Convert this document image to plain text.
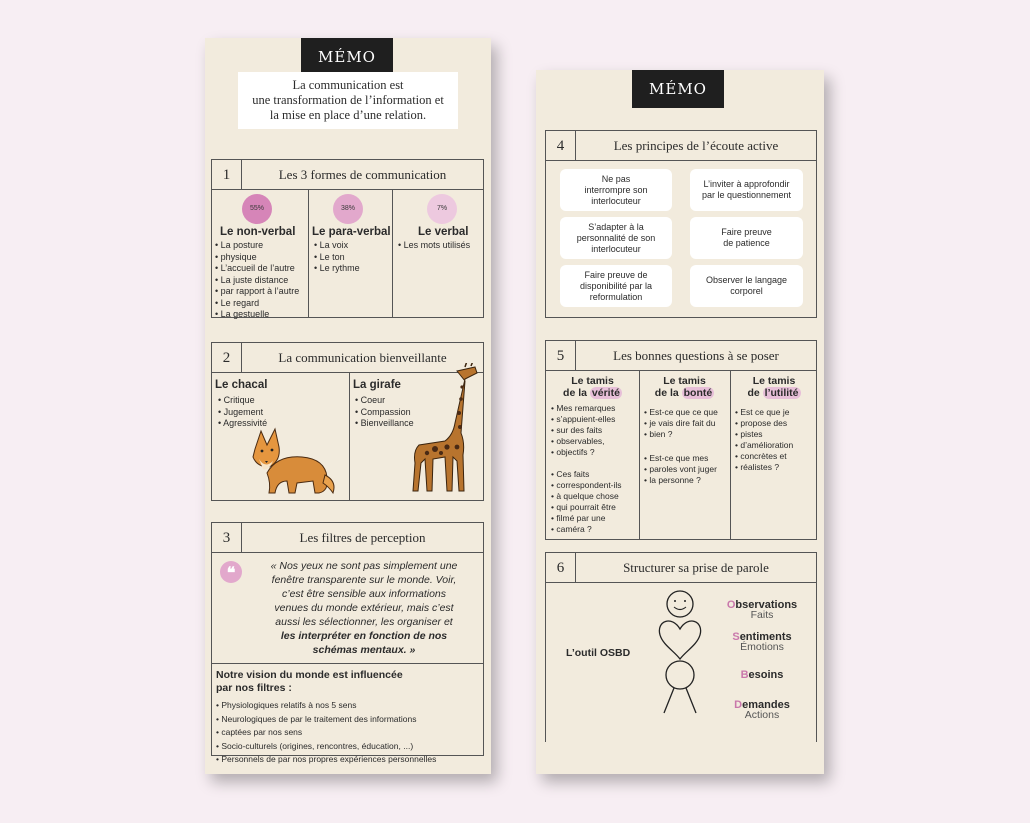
MÉMO
La communication est
une transformation de l’information et
la mise en place d’une relation.
1	Les 3 formes de communication
55%
Le non-verbal
• La posture
• physique
• L’accueil de l’autre
• La juste distance
• par rapport à l’autre
• Le regard
• La gestuelle
38%
Le para-verbal
• La voix
• Le ton
• Le rythme
7%
Le verbal
• Les mots utilisés
2	La communication bienveillante
Le chacal
• Critique
• Jugement
• Agressivité
La girafe
• Coeur
• Compassion
• Bienveillance
3	Les filtres de perception
❝	« Nos yeux ne sont pas simplement une
fenêtre transparente sur le monde. Voir,
c’est être sensible aux informations
venues du monde extérieur, mais c’est
aussi les sélectionner, les organiser et
les interpréter en fonction de nos
schémas mentaux. »
Notre vision du monde est influencée
par nos filtres :
• Physiologiques relatifs à nos 5 sens
• Neurologiques de par le traitement des informations
• captées par nos sens
• Socio-culturels (origines, rencontres, éducation, ...)
• Personnels de par nos propres expériences personnelles
MÉMO
4	Les principes de l’écoute active
Ne pas
interrompre son
interlocuteur
L’inviter à approfondir
par le questionnement
S’adapter à la
personnalité de son
interlocuteur
Faire preuve
de patience
Faire preuve de
disponibilité par la
reformulation
Observer le langage
corporel
5	Les bonnes questions à se poser
Le tamis
de la vérité
• Mes remarques
• s’appuient-elles
• sur des faits
• observables,
• objectifs ?
• Ces faits
• correspondent-ils
• à quelque chose
• qui pourrait être
• filmé par une
• caméra ?
Le tamis
de la bonté
• Est-ce que ce que
• je vais dire fait du
• bien ?
• Est-ce que mes
• paroles vont juger
• la personne ?
Le tamis
de l’utilité
• Est ce que je
• propose des
• pistes
• d’amélioration
• concrètes et
• réalistes ?
6	Structurer sa prise de parole
L’outil OSBD
Observations
Faits
Sentiments
Émotions
Besoins
Demandes
Actions
